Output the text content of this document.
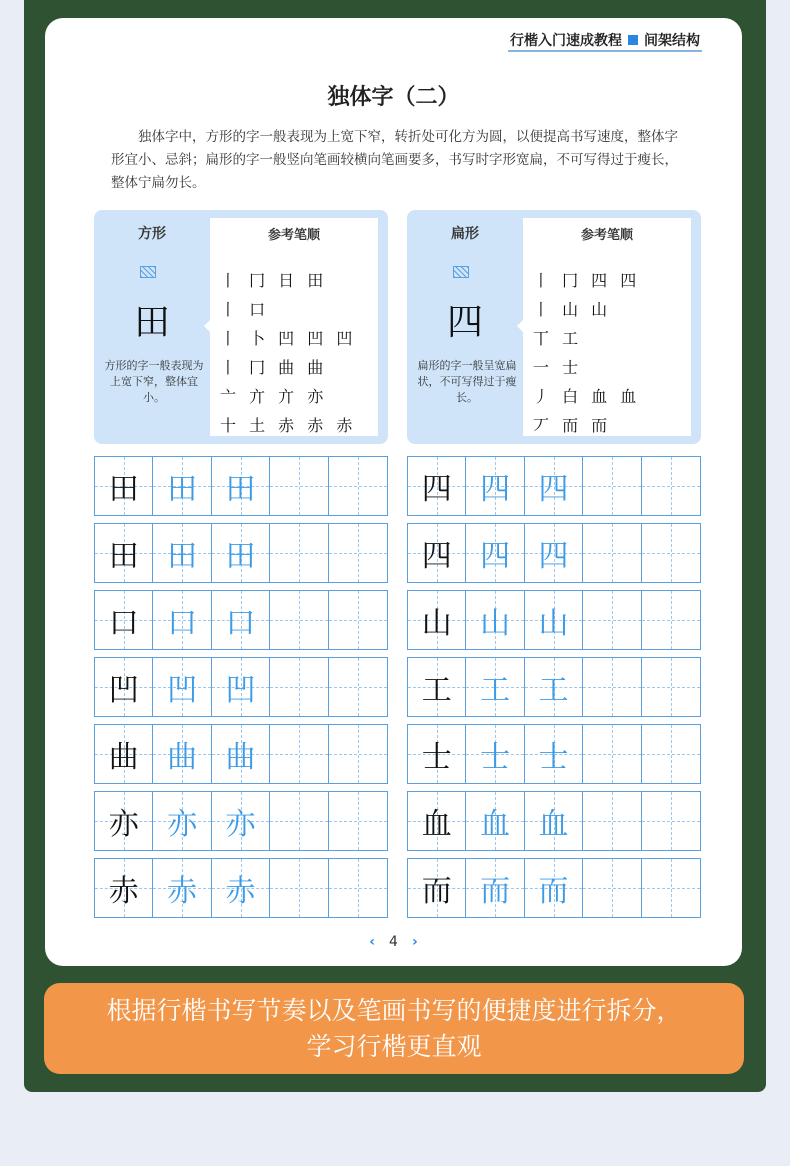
行楷入门速成教程 间架结构
独体字（二）
独体字中，方形的字一般表现为上宽下窄，转折处可化方为圆，以便提高书写速度，整体字形宜小、忌斜；扁形的字一般竖向笔画较横向笔画要多，书写时字形宽扁，不可写得过于瘦长，整体宁扁勿长。
‹ 4 ›
方形
田
方形的字一般表现为上宽下窄，整体宜小。
参考笔顺
丨 冂 日 田
丨 口
丨 卜 凹 凹 凹
丨 冂 曲 曲
亠 亣 亣 亦
十 土 赤 赤 赤
扁形
四
扁形的字一般呈宽扁状，不可写得过于瘦长。
参考笔顺
丨 冂 四 四
丨 山 山
丅 工
一 士
丿 白 血 血
丆 而 而
田 田 田
田 田 田
口 口 口
凹 凹 凹
曲 曲 曲
亦 亦 亦
赤 赤 赤
四 四 四
四 四 四
山 山 山
工 工 工
士 士 士
血 血 血
而 而 而
根据行楷书写节奏以及笔画书写的便捷度进行拆分，
学习行楷更直观
